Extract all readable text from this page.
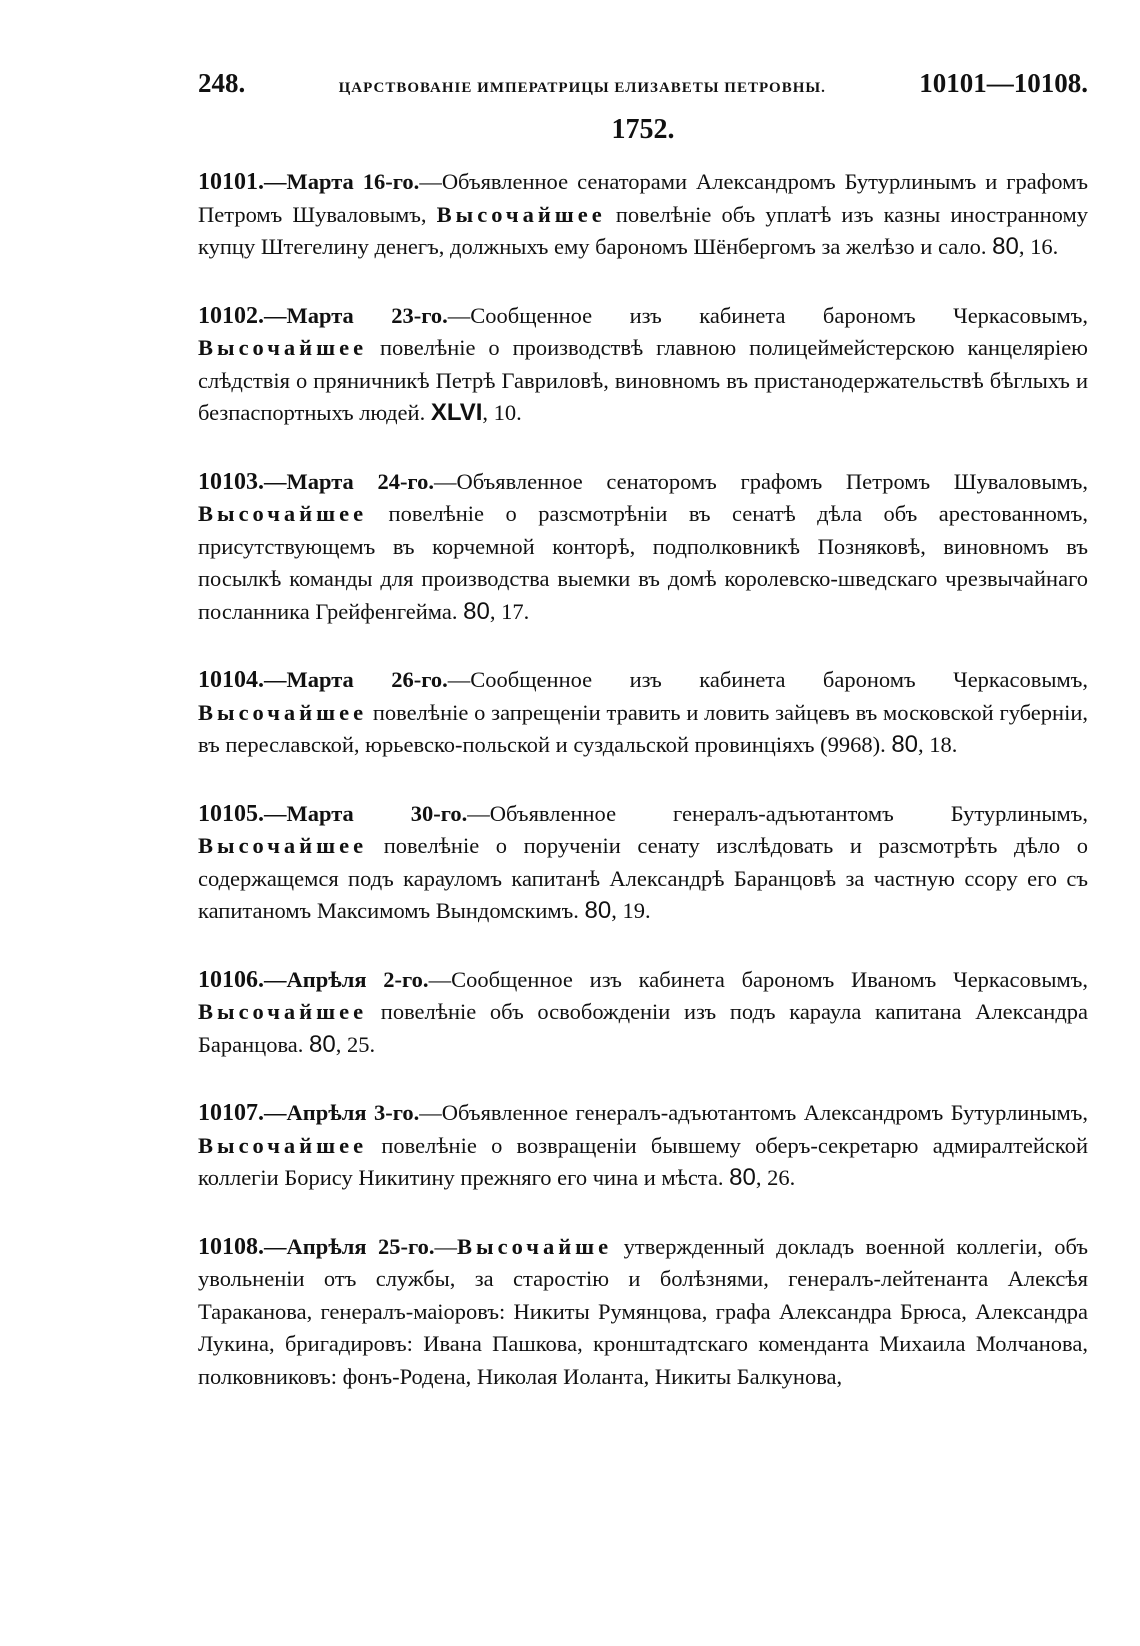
248.	ЦАРСТВОВАНІЕ ИМПЕРАТРИЦЫ ЕЛИЗАВЕТЫ ПЕТРОВНЫ.	10101—10108.
1752.

10101.—Марта 16-го.—Объявленное сенаторами Александромъ Бутурлинымъ и графомъ Петромъ Шуваловымъ, Высочайшее повелѣніе объ уплатѣ изъ казны иностранному купцу Штегелину денегъ, должныхъ ему барономъ Шёнбергомъ за желѣзо и сало. 80, 16.

10102.—Марта 23-го.—Сообщенное изъ кабинета барономъ Черкасовымъ, Высочайшее повелѣніе о производствѣ главною полицеймейстерскою канцеляріею слѣдствія о пряничникѣ Петрѣ Гавриловѣ, виновномъ въ пристанодержательствѣ бѣглыхъ и безпаспортныхъ людей. XLVI, 10.

10103.—Марта 24-го.—Объявленное сенаторомъ графомъ Петромъ Шуваловымъ, Высочайшее повелѣніе о разсмотрѣніи въ сенатѣ дѣла объ арестованномъ, присутствующемъ въ корчемной конторѣ, подполковникѣ Позняковѣ, виновномъ въ посылкѣ команды для производства выемки въ домѣ королевско-шведскаго чрезвычайнаго посланника Грейфенгейма. 80, 17.

10104.—Марта 26-го.—Сообщенное изъ кабинета барономъ Черкасовымъ, Высочайшее повелѣніе о запрещеніи травить и ловить зайцевъ въ московской губерніи, въ переславской, юрьевско-польской и суздальской провинціяхъ (9968). 80, 18.

10105.—Марта 30-го.—Объявленное генералъ-адъютантомъ Бутурлинымъ, Высочайшее повелѣніе о порученіи сенату изслѣдовать и разсмотрѣть дѣло о содержащемся подъ карауломъ капитанѣ Александрѣ Баранцовѣ за частную ссору его съ капитаномъ Максимомъ Вындомскимъ. 80, 19.

10106.—Апрѣля 2-го.—Сообщенное изъ кабинета барономъ Иваномъ Черкасовымъ, Высочайшее повелѣніе объ освобожденіи изъ подъ караула капитана Александра Баранцова. 80, 25.

10107.—Апрѣля 3-го.—Объявленное генералъ-адъютантомъ Александромъ Бутурлинымъ, Высочайшее повелѣніе о возвращеніи бывшему оберъ-секретарю адмиралтейской коллегіи Борису Никитину прежняго его чина и мѣста. 80, 26.

10108.—Апрѣля 25-го.—Высочайше утвержденный докладъ военной коллегіи, объ увольненіи отъ службы, за старостію и болѣзнями, генералъ-лейтенанта Алексѣя Тараканова, генералъ-маіоровъ: Никиты Румянцова, графа Александра Брюса, Александра Лукина, бригадировъ: Ивана Пашкова, кронштадтскаго коменданта Михаила Молчанова, полковниковъ: фонъ-Родена, Николая Иоланта, Никиты Балкунова,
